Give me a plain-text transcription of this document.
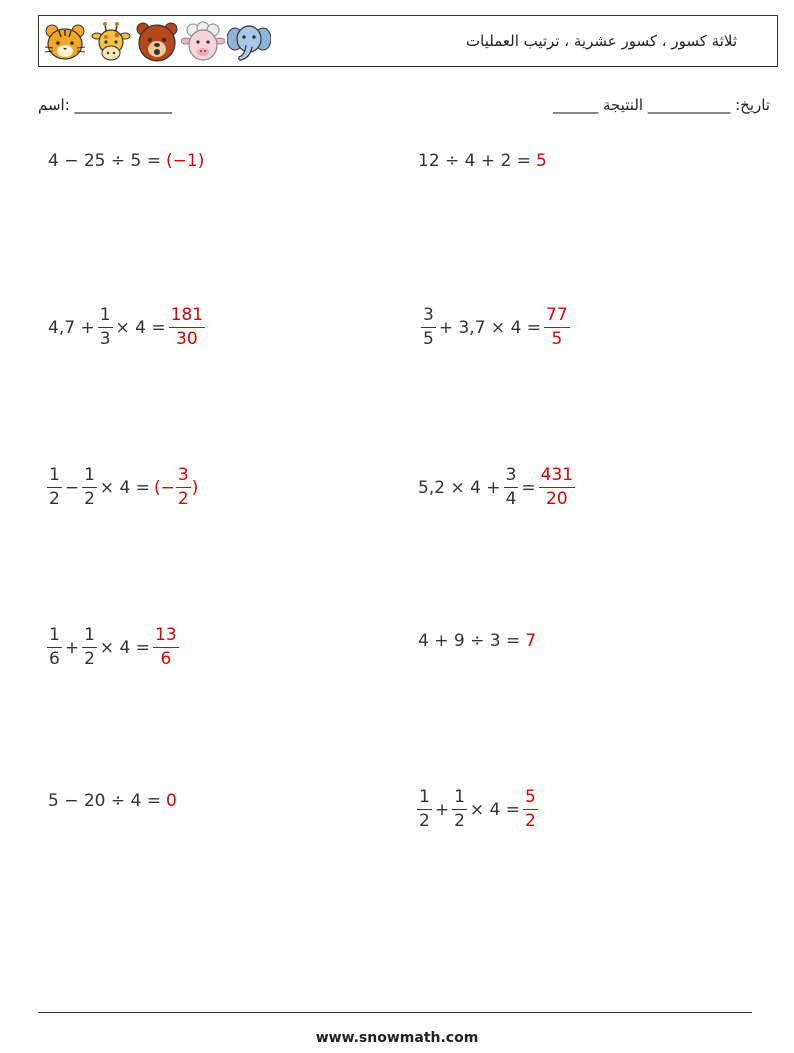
ثلاثة كسور ، كسور عشرية ، ترتيب العمليات
اسم: _____________	تاريخ: ___________ النتيجة ______
4 − 25 ÷ 5 = (−1)	12 ÷ 4 + 2 = 5
$4,7 + \frac{1}{3} \times 4 = \frac{181}{30}$	$\frac{3}{5} + 3,7 \times 4 = \frac{77}{5}$
$\frac{1}{2} - \frac{1}{2} \times 4$ = (− $\frac{3}{2}$ )	$5,2 \times 4 + \frac{3}{4} = \frac{431}{20}$
$\frac{1}{6} + \frac{1}{2} \times 4 = \frac{13}{6}$	4 + 9 ÷ 3 = 7
5 − 20 ÷ 4 = 0	$\frac{1}{2} + \frac{1}{2} \times 4 = \frac{5}{2}$
www.snowmath.com
